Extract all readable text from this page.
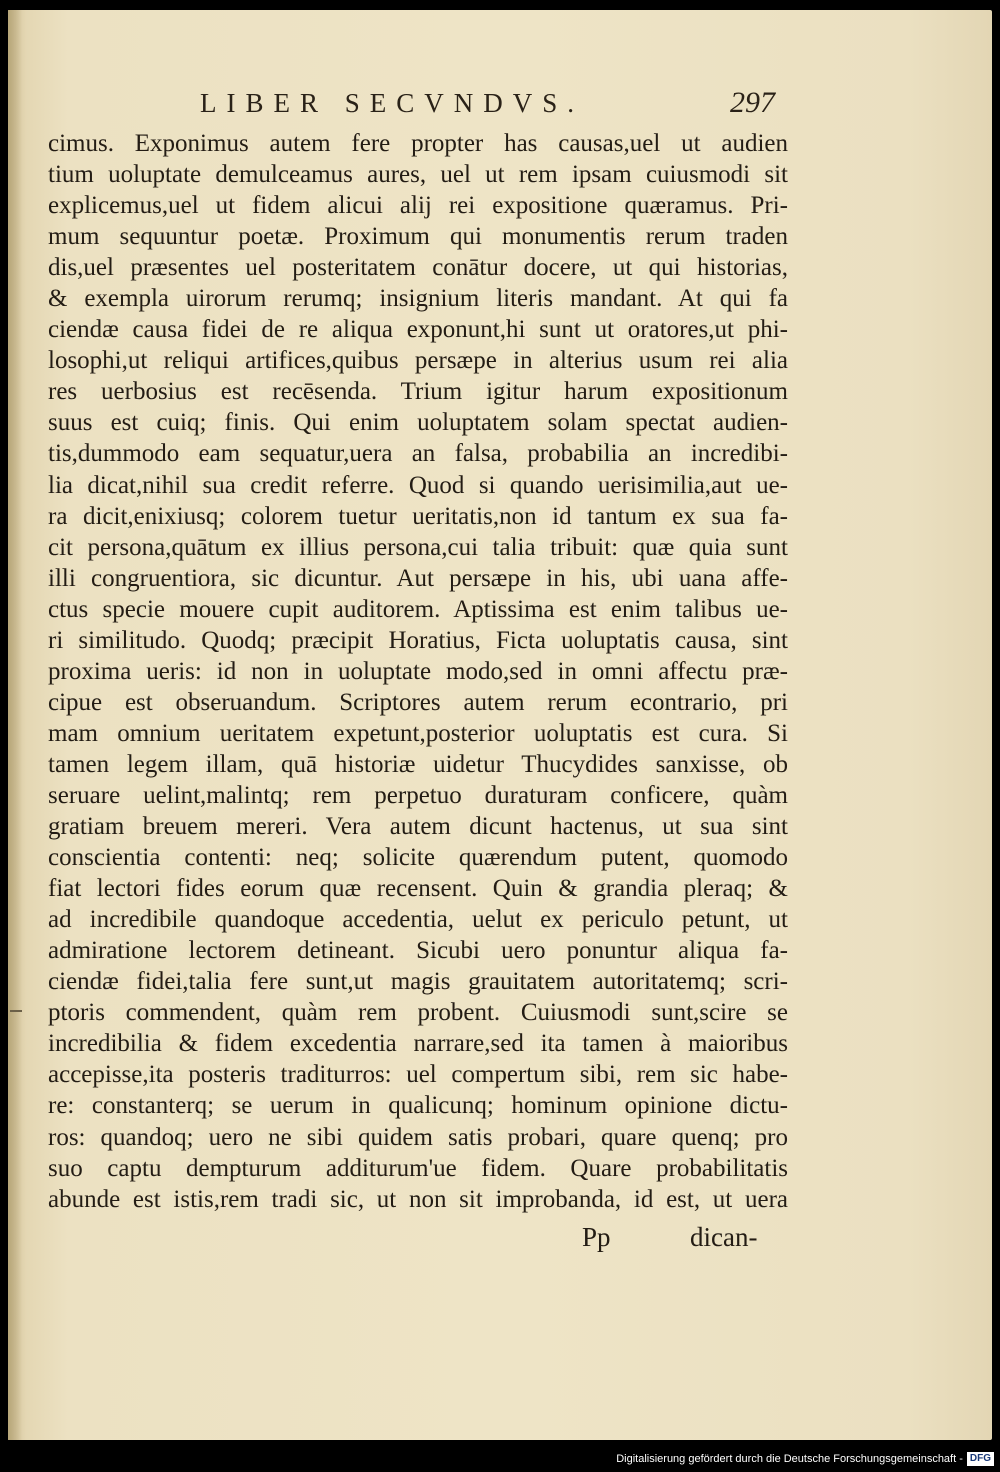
LIBER SECVNDVS.	297
cimus. Exponimus autem fere propter has causas,uel ut audien
tium uoluptate demulceamus aures, uel ut rem ipsam cuiusmodi sit
explicemus,uel ut fidem alicui alij rei expositione quæramus. Pri-
mum sequuntur poetæ. Proximum qui monumentis rerum traden
dis,uel præsentes uel posteritatem conātur docere, ut qui historias,
& exempla uirorum rerumq; insignium literis mandant. At qui fa
ciendæ causa fidei de re aliqua exponunt,hi sunt ut oratores,ut phi-
losophi,ut reliqui artifices,quibus persæpe in alterius usum rei alia
res uerbosius est recēsenda. Trium igitur harum expositionum
suus est cuiq; finis. Qui enim uoluptatem solam spectat audien-
tis,dummodo eam sequatur,uera an falsa, probabilia an incredibi-
lia dicat,nihil sua credit referre. Quod si quando uerisimilia,aut ue-
ra dicit,enixiusq; colorem tuetur ueritatis,non id tantum ex sua fa-
cit persona,quātum ex illius persona,cui talia tribuit: quæ quia sunt
illi congruentiora, sic dicuntur. Aut persæpe in his, ubi uana affe-
ctus specie mouere cupit auditorem. Aptissima est enim talibus ue-
ri similitudo. Quodq; præcipit Horatius, Ficta uoluptatis causa, sint
proxima ueris: id non in uoluptate modo,sed in omni affectu præ-
cipue est obseruandum. Scriptores autem rerum econtrario, pri
mam omnium ueritatem expetunt,posterior uoluptatis est cura. Si
tamen legem illam, quā historiæ uidetur Thucydides sanxisse, ob
seruare uelint,malintq; rem perpetuo duraturam conficere, quàm
gratiam breuem mereri. Vera autem dicunt hactenus, ut sua sint
conscientia contenti: neq; solicite quærendum putent, quomodo
fiat lectori fides eorum quæ recensent. Quin & grandia pleraq; &
ad incredibile quandoque accedentia, uelut ex periculo petunt, ut
admiratione lectorem detineant. Sicubi uero ponuntur aliqua fa-
ciendæ fidei,talia fere sunt,ut magis grauitatem autoritatemq; scri-
ptoris commendent, quàm rem probent. Cuiusmodi sunt,scire se
incredibilia & fidem excedentia narrare,sed ita tamen à maioribus
accepisse,ita posteris traditurros: uel compertum sibi, rem sic habe-
re: constanterq; se uerum in qualicunq; hominum opinione dictu-
ros: quandoq; uero ne sibi quidem satis probari, quare quenq; pro
suo captu dempturum additurum'ue fidem. Quare probabilitatis
abunde est istis,rem tradi sic, ut non sit improbanda, id est, ut uera
Pp	dican-
Digitalisierung gefördert durch die Deutsche Forschungsgemeinschaft - DFG
